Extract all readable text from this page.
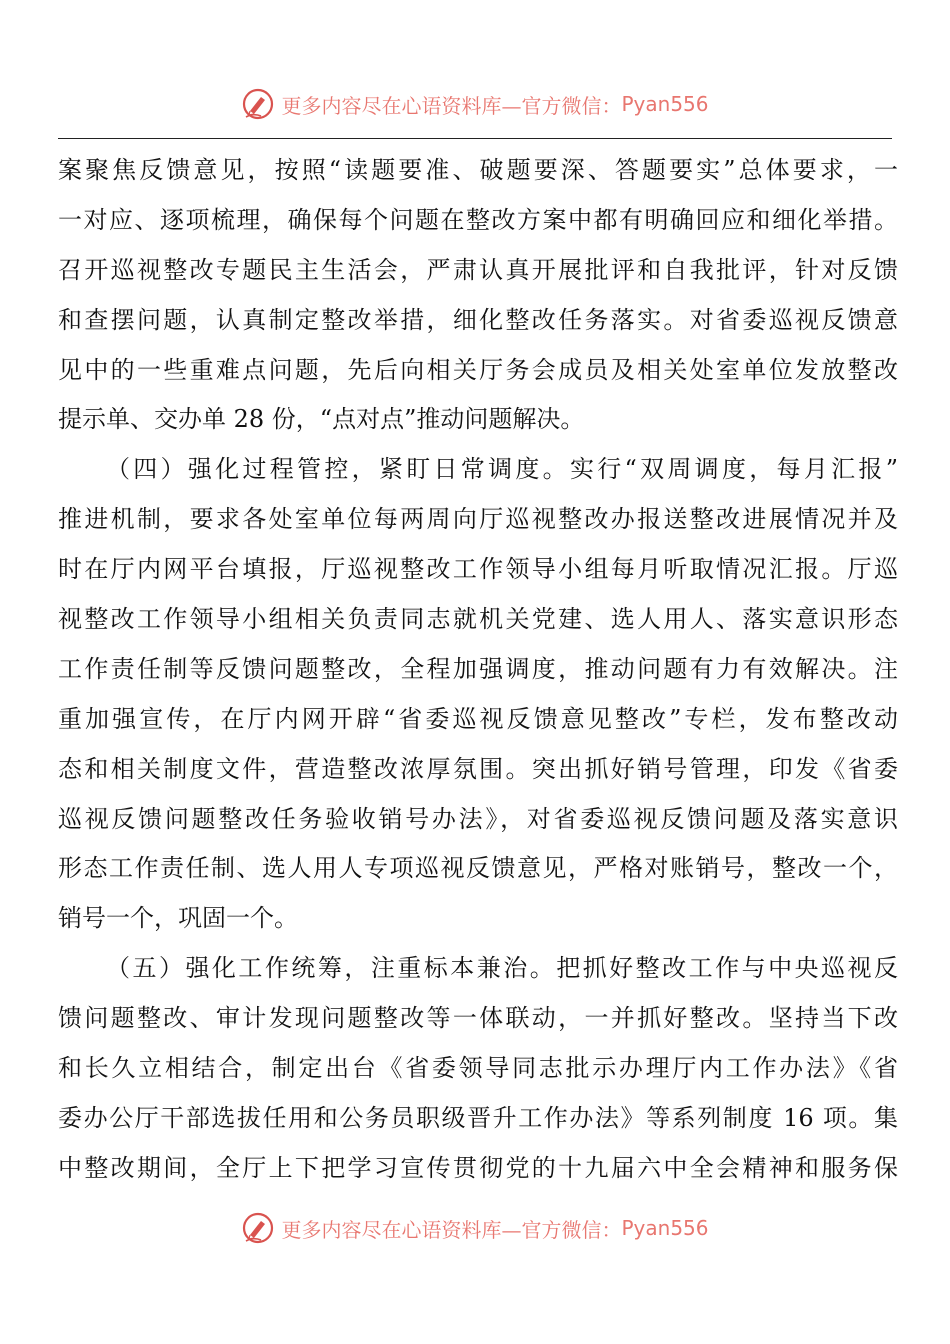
更多内容尽在心语资料库—官方微信： Pyan556
案聚焦反馈意见，按照“读题要准、破题要深、答题要实”总体要求，一
一对应、逐项梳理，确保每个问题在整改方案中都有明确回应和细化举措。
召开巡视整改专题民主生活会，严肃认真开展批评和自我批评，针对反馈
和查摆问题，认真制定整改举措，细化整改任务落实。对省委巡视反馈意
见中的一些重难点问题，先后向相关厅务会成员及相关处室单位发放整改
提示单、交办单 28 份，“点对点”推动问题解决。
（四）强化过程管控，紧盯日常调度。实行“双周调度，每月汇报”
推进机制，要求各处室单位每两周向厅巡视整改办报送整改进展情况并及
时在厅内网平台填报，厅巡视整改工作领导小组每月听取情况汇报。厅巡
视整改工作领导小组相关负责同志就机关党建、选人用人、落实意识形态
工作责任制等反馈问题整改，全程加强调度，推动问题有力有效解决。注
重加强宣传，在厅内网开辟“省委巡视反馈意见整改”专栏，发布整改动
态和相关制度文件，营造整改浓厚氛围。突出抓好销号管理，印发《省委
巡视反馈问题整改任务验收销号办法》，对省委巡视反馈问题及落实意识
形态工作责任制、选人用人专项巡视反馈意见，严格对账销号，整改一个，
销号一个，巩固一个。
（五）强化工作统筹，注重标本兼治。把抓好整改工作与中央巡视反
馈问题整改、审计发现问题整改等一体联动，一并抓好整改。坚持当下改
和长久立相结合，制定出台《省委领导同志批示办理厅内工作办法》《省
委办公厅干部选拔任用和公务员职级晋升工作办法》等系列制度 16 项。集
中整改期间，全厅上下把学习宣传贯彻党的十九届六中全会精神和服务保
更多内容尽在心语资料库—官方微信： Pyan556
